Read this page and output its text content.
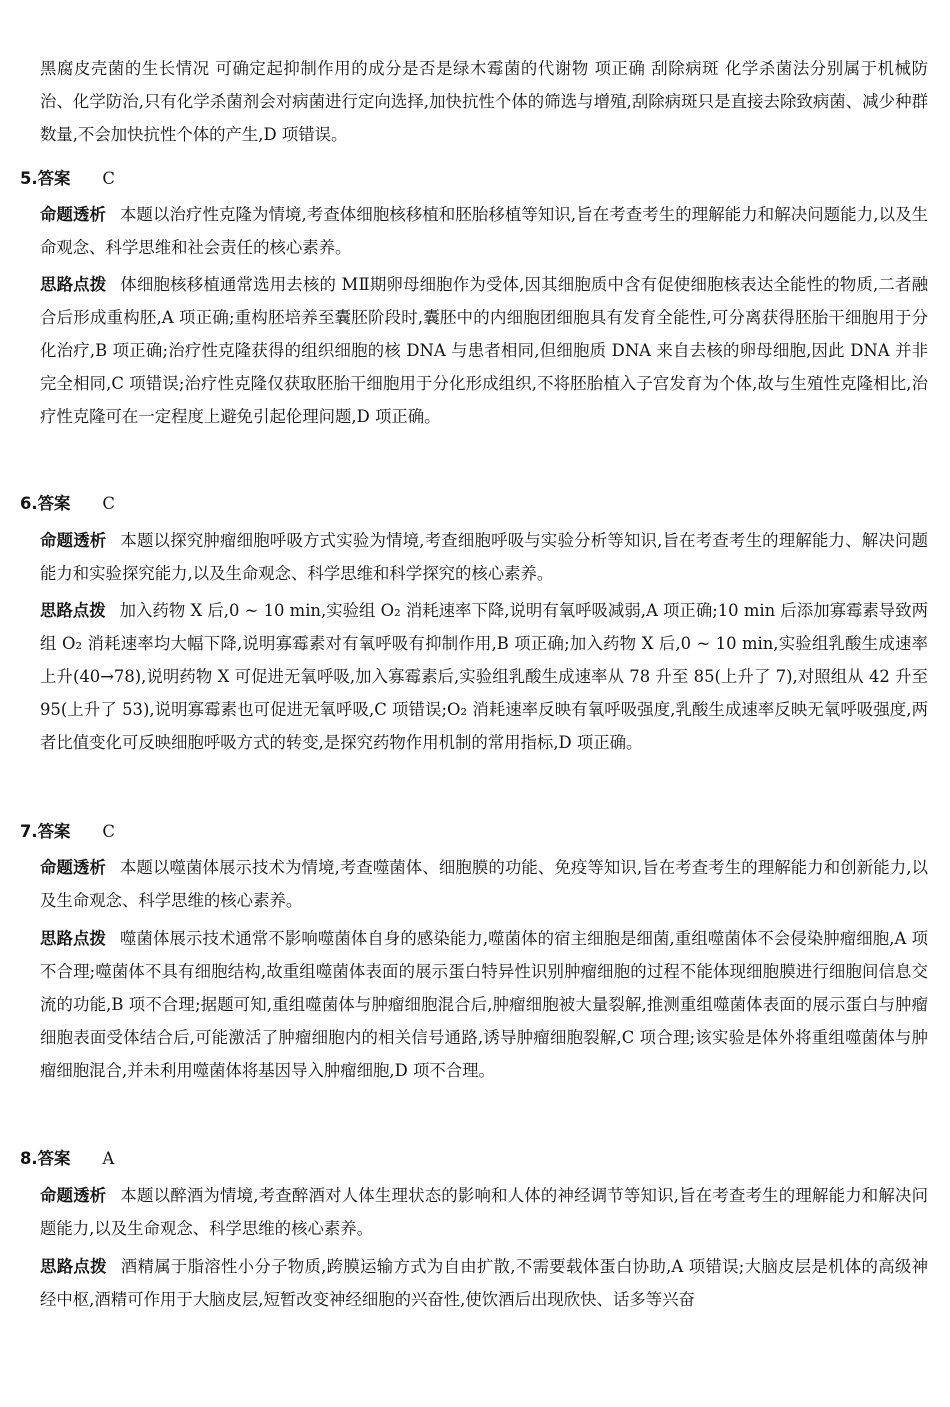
黑腐皮壳菌的生长情况 可确定起抑制作用的成分是否是绿木霉菌的代谢物 项正确 刮除病斑 化学杀菌法分别属于机械防治、化学防治,只有化学杀菌剂会对病菌进行定向选择,加快抗性个体的筛选与增殖,刮除病斑只是直接去除致病菌、减少种群数量,不会加快抗性个体的产生,D 项错误。

5.答案 C

命题透析 本题以治疗性克隆为情境,考查体细胞核移植和胚胎移植等知识,旨在考查考生的理解能力和解决问题能力,以及生命观念、科学思维和社会责任的核心素养。

思路点拨 体细胞核移植通常选用去核的 MⅡ期卵母细胞作为受体,因其细胞质中含有促使细胞核表达全能性的物质,二者融合后形成重构胚,A 项正确;重构胚培养至囊胚阶段时,囊胚中的内细胞团细胞具有发育全能性,可分离获得胚胎干细胞用于分化治疗,B 项正确;治疗性克隆获得的组织细胞的核 DNA 与患者相同,但细胞质 DNA 来自去核的卵母细胞,因此 DNA 并非完全相同,C 项错误;治疗性克隆仅获取胚胎干细胞用于分化形成组织,不将胚胎植入子宫发育为个体,故与生殖性克隆相比,治疗性克隆可在一定程度上避免引起伦理问题,D 项正确。

6.答案 C

命题透析 本题以探究肿瘤细胞呼吸方式实验为情境,考查细胞呼吸与实验分析等知识,旨在考查考生的理解能力、解决问题能力和实验探究能力,以及生命观念、科学思维和科学探究的核心素养。

思路点拨 加入药物 X 后,0 ~ 10 min,实验组 O₂ 消耗速率下降,说明有氧呼吸减弱,A 项正确;10 min 后添加寡霉素导致两组 O₂ 消耗速率均大幅下降,说明寡霉素对有氧呼吸有抑制作用,B 项正确;加入药物 X 后,0 ~ 10 min,实验组乳酸生成速率上升(40→78),说明药物 X 可促进无氧呼吸,加入寡霉素后,实验组乳酸生成速率从 78 升至 85(上升了 7),对照组从 42 升至 95(上升了 53),说明寡霉素也可促进无氧呼吸,C 项错误;O₂ 消耗速率反映有氧呼吸强度,乳酸生成速率反映无氧呼吸强度,两者比值变化可反映细胞呼吸方式的转变,是探究药物作用机制的常用指标,D 项正确。

7.答案 C

命题透析 本题以噬菌体展示技术为情境,考查噬菌体、细胞膜的功能、免疫等知识,旨在考查考生的理解能力和创新能力,以及生命观念、科学思维的核心素养。

思路点拨 噬菌体展示技术通常不影响噬菌体自身的感染能力,噬菌体的宿主细胞是细菌,重组噬菌体不会侵染肿瘤细胞,A 项不合理;噬菌体不具有细胞结构,故重组噬菌体表面的展示蛋白特异性识别肿瘤细胞的过程不能体现细胞膜进行细胞间信息交流的功能,B 项不合理;据题可知,重组噬菌体与肿瘤细胞混合后,肿瘤细胞被大量裂解,推测重组噬菌体表面的展示蛋白与肿瘤细胞表面受体结合后,可能激活了肿瘤细胞内的相关信号通路,诱导肿瘤细胞裂解,C 项合理;该实验是体外将重组噬菌体与肿瘤细胞混合,并未利用噬菌体将基因导入肿瘤细胞,D 项不合理。

8.答案 A

命题透析 本题以醉酒为情境,考查醉酒对人体生理状态的影响和人体的神经调节等知识,旨在考查考生的理解能力和解决问题能力,以及生命观念、科学思维的核心素养。

思路点拨 酒精属于脂溶性小分子物质,跨膜运输方式为自由扩散,不需要载体蛋白协助,A 项错误;大脑皮层是机体的高级神经中枢,酒精可作用于大脑皮层,短暂改变神经细胞的兴奋性,使饮酒后出现欣快、话多等兴奋
